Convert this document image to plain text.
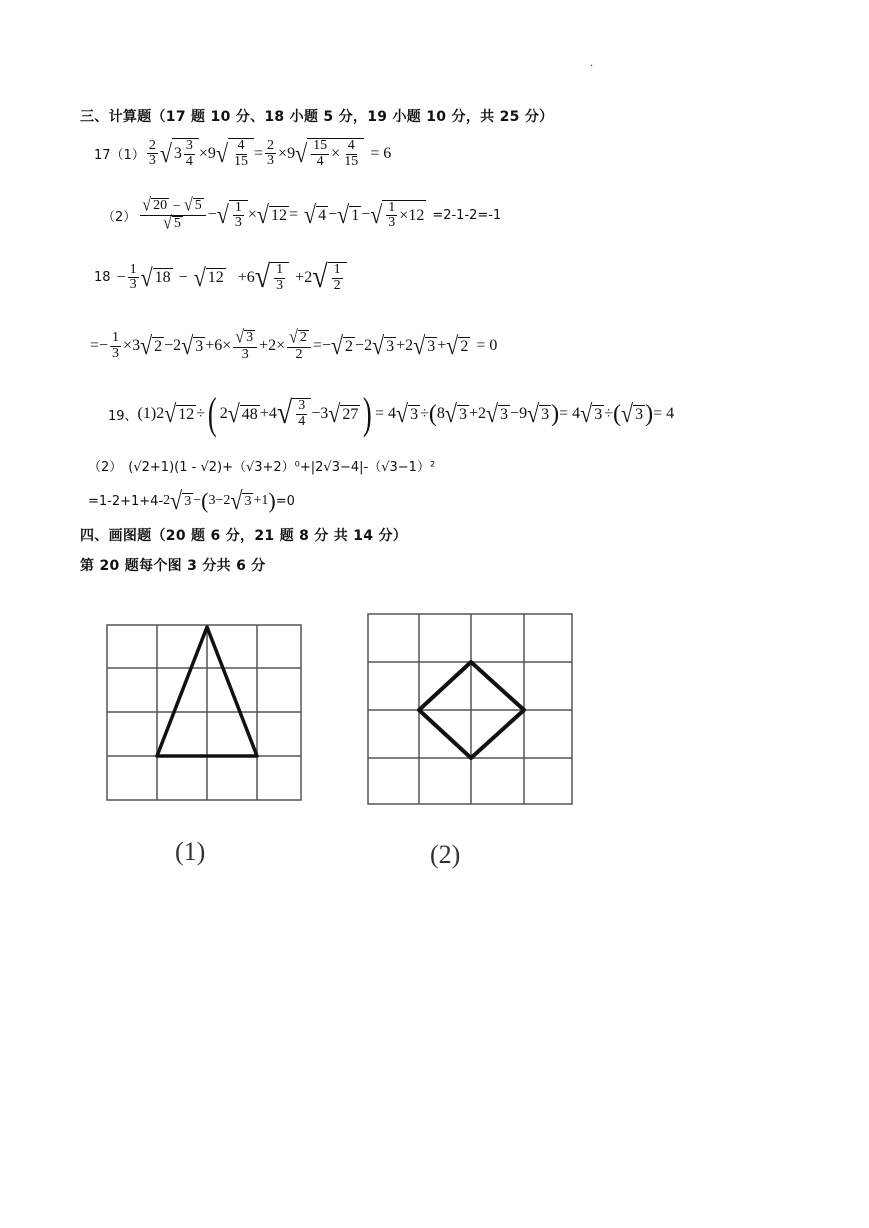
.
三、计算题（17 题 10 分、18 小题 5 分，19 小题 10 分，共 25 分）
$17(1) \frac{2}{3}$ √ $3 \frac{3}{4} \times 9$ √ $\frac{4}{15} = \frac{2}{3} \times 9$ √ $\frac{15}{4} \times \frac{4}{15} = 6$
$(2) \frac{√ 20 - √ 5}{√ 5}$ − √ $\frac{1}{3}$ × √ 12 = √ 4 − √ 1 − √ $\frac{1}{3} \times 12 =2-1-2=-1$
$18 - \frac{1}{3}$ √ 18 − √ 12 +6 √ $\frac{1}{3} +2$ √ $\frac{1}{2}$
=− $\frac{1}{3} \times 3$ √ 2 −2 √ $3 +6\times \frac{√ 3}{3} +2\times \frac{√ 2}{2}$ =− √ 2 −2 √ 3 +2 √ 3 + √ 2 = 0
19、 (1) 2 √ 12 ÷ ( 2 √ 48 +4 √ $\frac{3}{4} -3$ √ 27 ) = 4 √ 3 ÷ ( 8 √ 3 +2 √ 3 −9 √ 3 ) = 4 √ 3 ÷ ( √ 3 ) = 4
（2） (√2+1)(1 - √2)+（√3+2）⁰+|2√3−4|-（√3−1）²
=1-2+1+4- 2 √ 3 − ( 3−2 √ 3 +1 ) =0
四、画图题（20 题 6 分，21 题 8 分 共 14 分）
第 20 题每个图 3 分共 6 分
(1)	(2)
